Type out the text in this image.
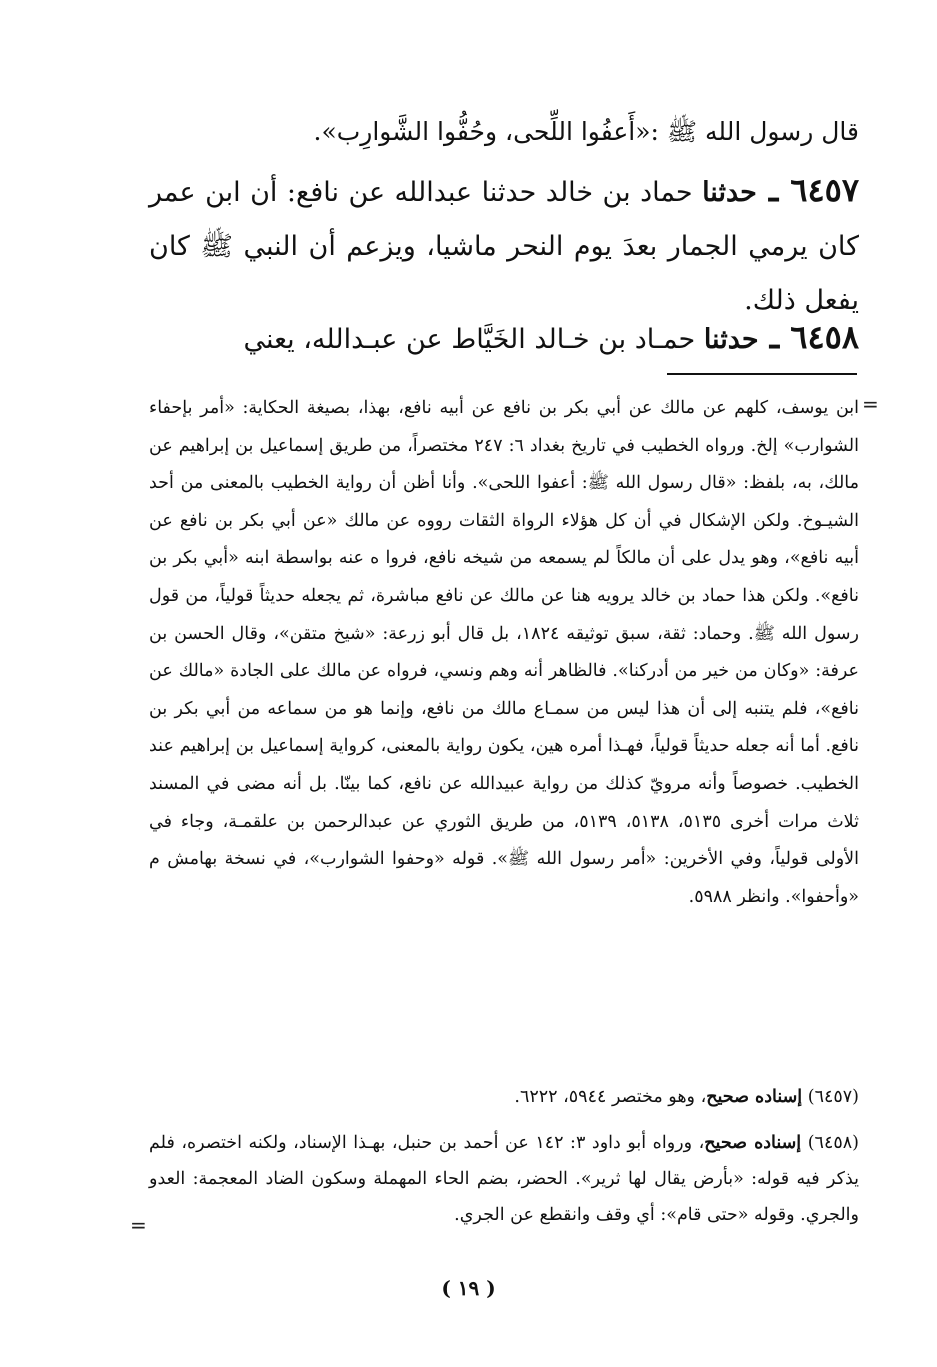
قال رسول الله ﷺ :«أَعفُوا اللِّحى، وحُفُّوا الشَّوارِب».
٦٤٥٧ ـ حدثنا حماد بن خالد حدثنا عبدالله عن نافع: أن ابن عمر كان يرمي الجمار بعدَ يوم النحر ماشيا، ويزعم أن النبي ﷺ كان يفعل ذلك.
٦٤٥٨ ـ حدثنا حمـاد بن خـالد الخَيَّاط عن عبـدالله، يعني
=
ابن يوسف، كلهم عن مالك عن أبي بكر بن نافع عن أبيه نافع، بهذا، بصيغة الحكاية: «أمر بإحفاء الشوارب» إلخ. ورواه الخطيب في تاريخ بغداد ٦: ٢٤٧ مختصراً، من طريق إسماعيل بن إبراهيم عن مالك، به، بلفظ: «قال رسول الله ﷺ: أعفوا اللحى». وأنا أظن أن رواية الخطيب بالمعنى من أحد الشيـوخ. ولكن الإشكال في أن كل هؤلاء الرواة الثقات رووه عن مالك «عن أبي بكر بن نافع عن أبيه نافع»، وهو يدل على أن مالكاً لم يسمعه من شيخه نافع، فروا ه عنه بواسطة ابنه «أبي بكر بن نافع». ولكن هذا حماد بن خالد يرويه هنا عن مالك عن نافع مباشرة، ثم يجعله حديثاً قولياً، من قول رسول الله ﷺ. وحماد: ثقة، سبق توثيقه ١٨٢٤، بل قال أبو زرعة: «شيخ متقن»، وقال الحسن بن عرفة: «وكان من خير من أدركنا». فالظاهر أنه وهم ونسي، فرواه عن مالك على الجادة «مالك عن نافع»، فلم يتنبه إلى أن هذا ليس من سمـاع مالك من نافع، وإنما هو من سماعه من أبي بكر بن نافع. أما أنه جعله حديثاً قولياً، فهـذا أمره هين، يكون رواية بالمعنى، كرواية إسماعيل بن إبراهيم عند الخطيب. خصوصاً وأنه مرويّ كذلك من رواية عبيدالله عن نافع، كما بينّا. بل أنه مضى في المسند ثلاث مرات أخرى ٥١٣٥، ٥١٣٨، ٥١٣٩، من طريق الثوري عن عبدالرحمن بن علقمـة، وجاء في الأولى قولياً، وفي الأخرين: «أمر رسول الله ﷺ». قوله «وحفوا الشوارب»، في نسخة بهامش م «وأحفوا». وانظر ٥٩٨٨.
(٦٤٥٧) إسناده صحيح، وهو مختصر ٥٩٤٤، ٦٢٢٢.
(٦٤٥٨) إسناده صحيح، ورواه أبو داود ٣: ١٤٢ عن أحمد بن حنبل، بهـذا الإسناد، ولكنه اختصره، فلم يذكر فيه قوله: «بأرض يقال لها ثرير». الحضر، بضم الحاء المهملة وسكون الضاد المعجمة: العدو والجري. وقوله «حتى قام»: أي وقف وانقطع عن الجري.
=
( ١٩ )
